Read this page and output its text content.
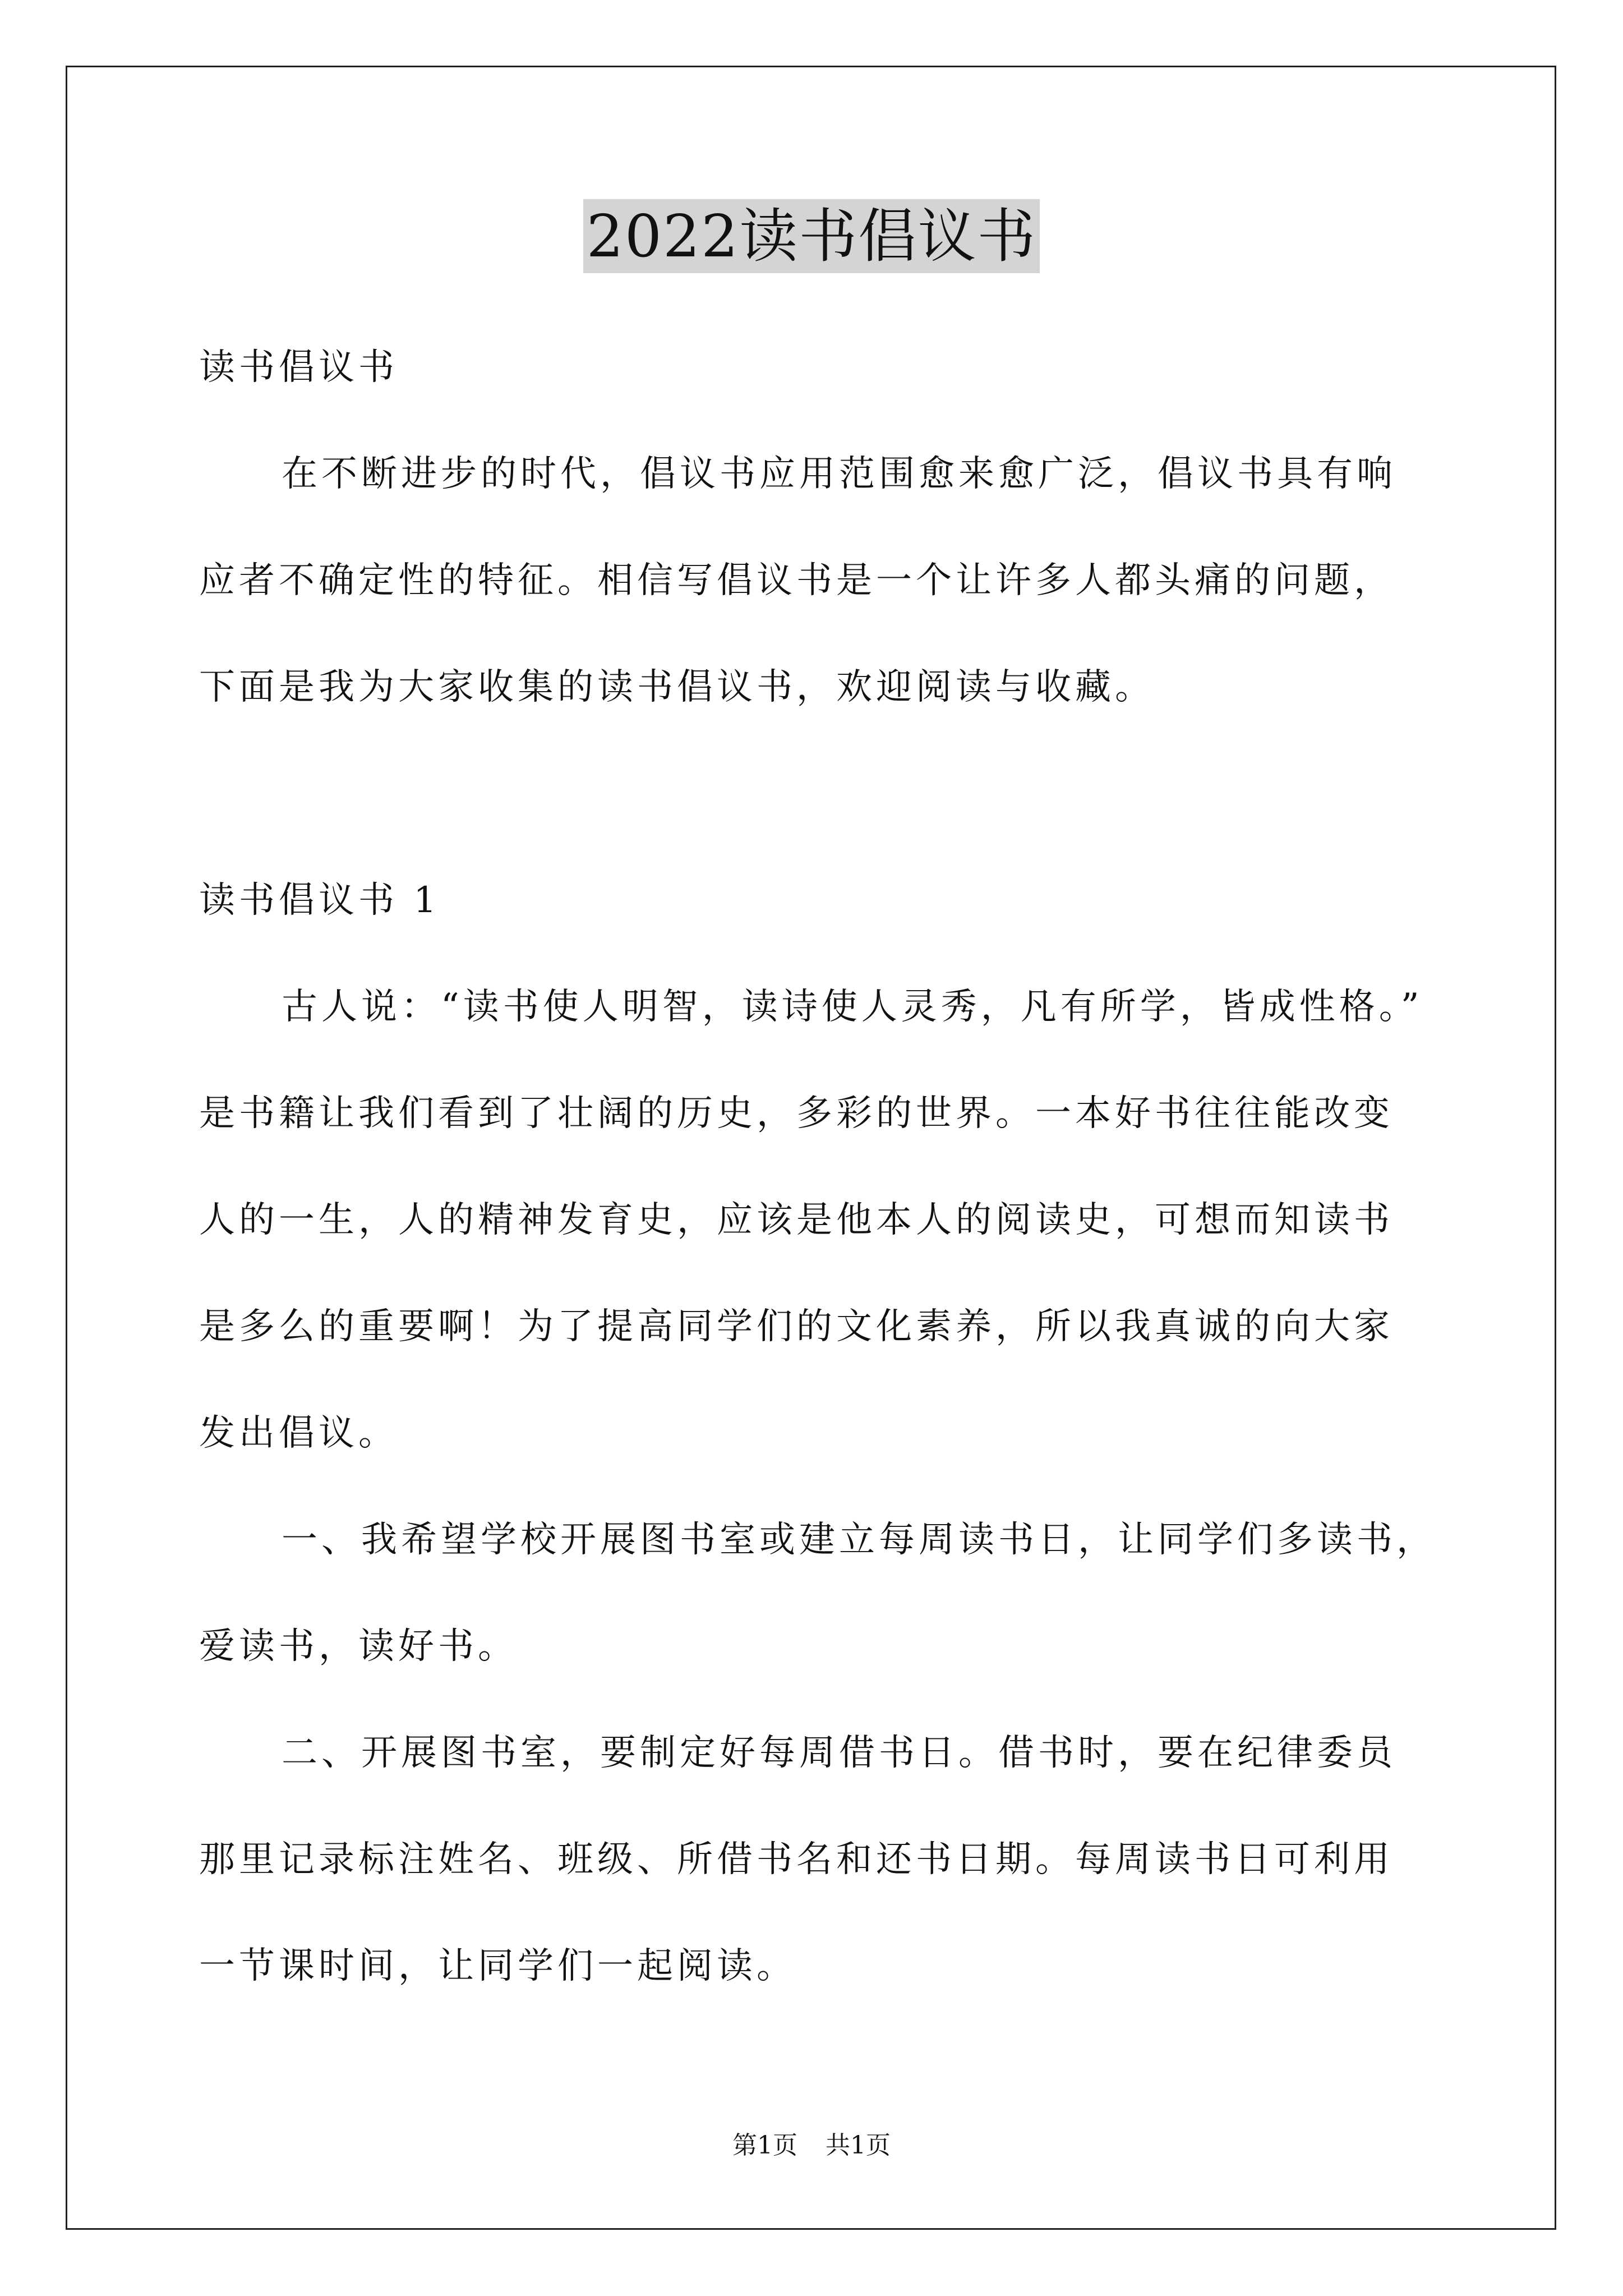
2022读书倡议书
读书倡议书
在不断进步的时代，倡议书应用范围愈来愈广泛，倡议书具有响
应者不确定性的特征。相信写倡议书是一个让许多人都头痛的问题，
下面是我为大家收集的读书倡议书，欢迎阅读与收藏。
读书倡议书 1
古人说：“读书使人明智，读诗使人灵秀，凡有所学，皆成性格。”
是书籍让我们看到了壮阔的历史，多彩的世界。一本好书往往能改变
人的一生，人的精神发育史，应该是他本人的阅读史，可想而知读书
是多么的重要啊！为了提高同学们的文化素养，所以我真诚的向大家
发出倡议。
一、我希望学校开展图书室或建立每周读书日，让同学们多读书，
爱读书，读好书。
二、开展图书室，要制定好每周借书日。借书时，要在纪律委员
那里记录标注姓名、班级、所借书名和还书日期。每周读书日可利用
一节课时间，让同学们一起阅读。
第1页 共1页
